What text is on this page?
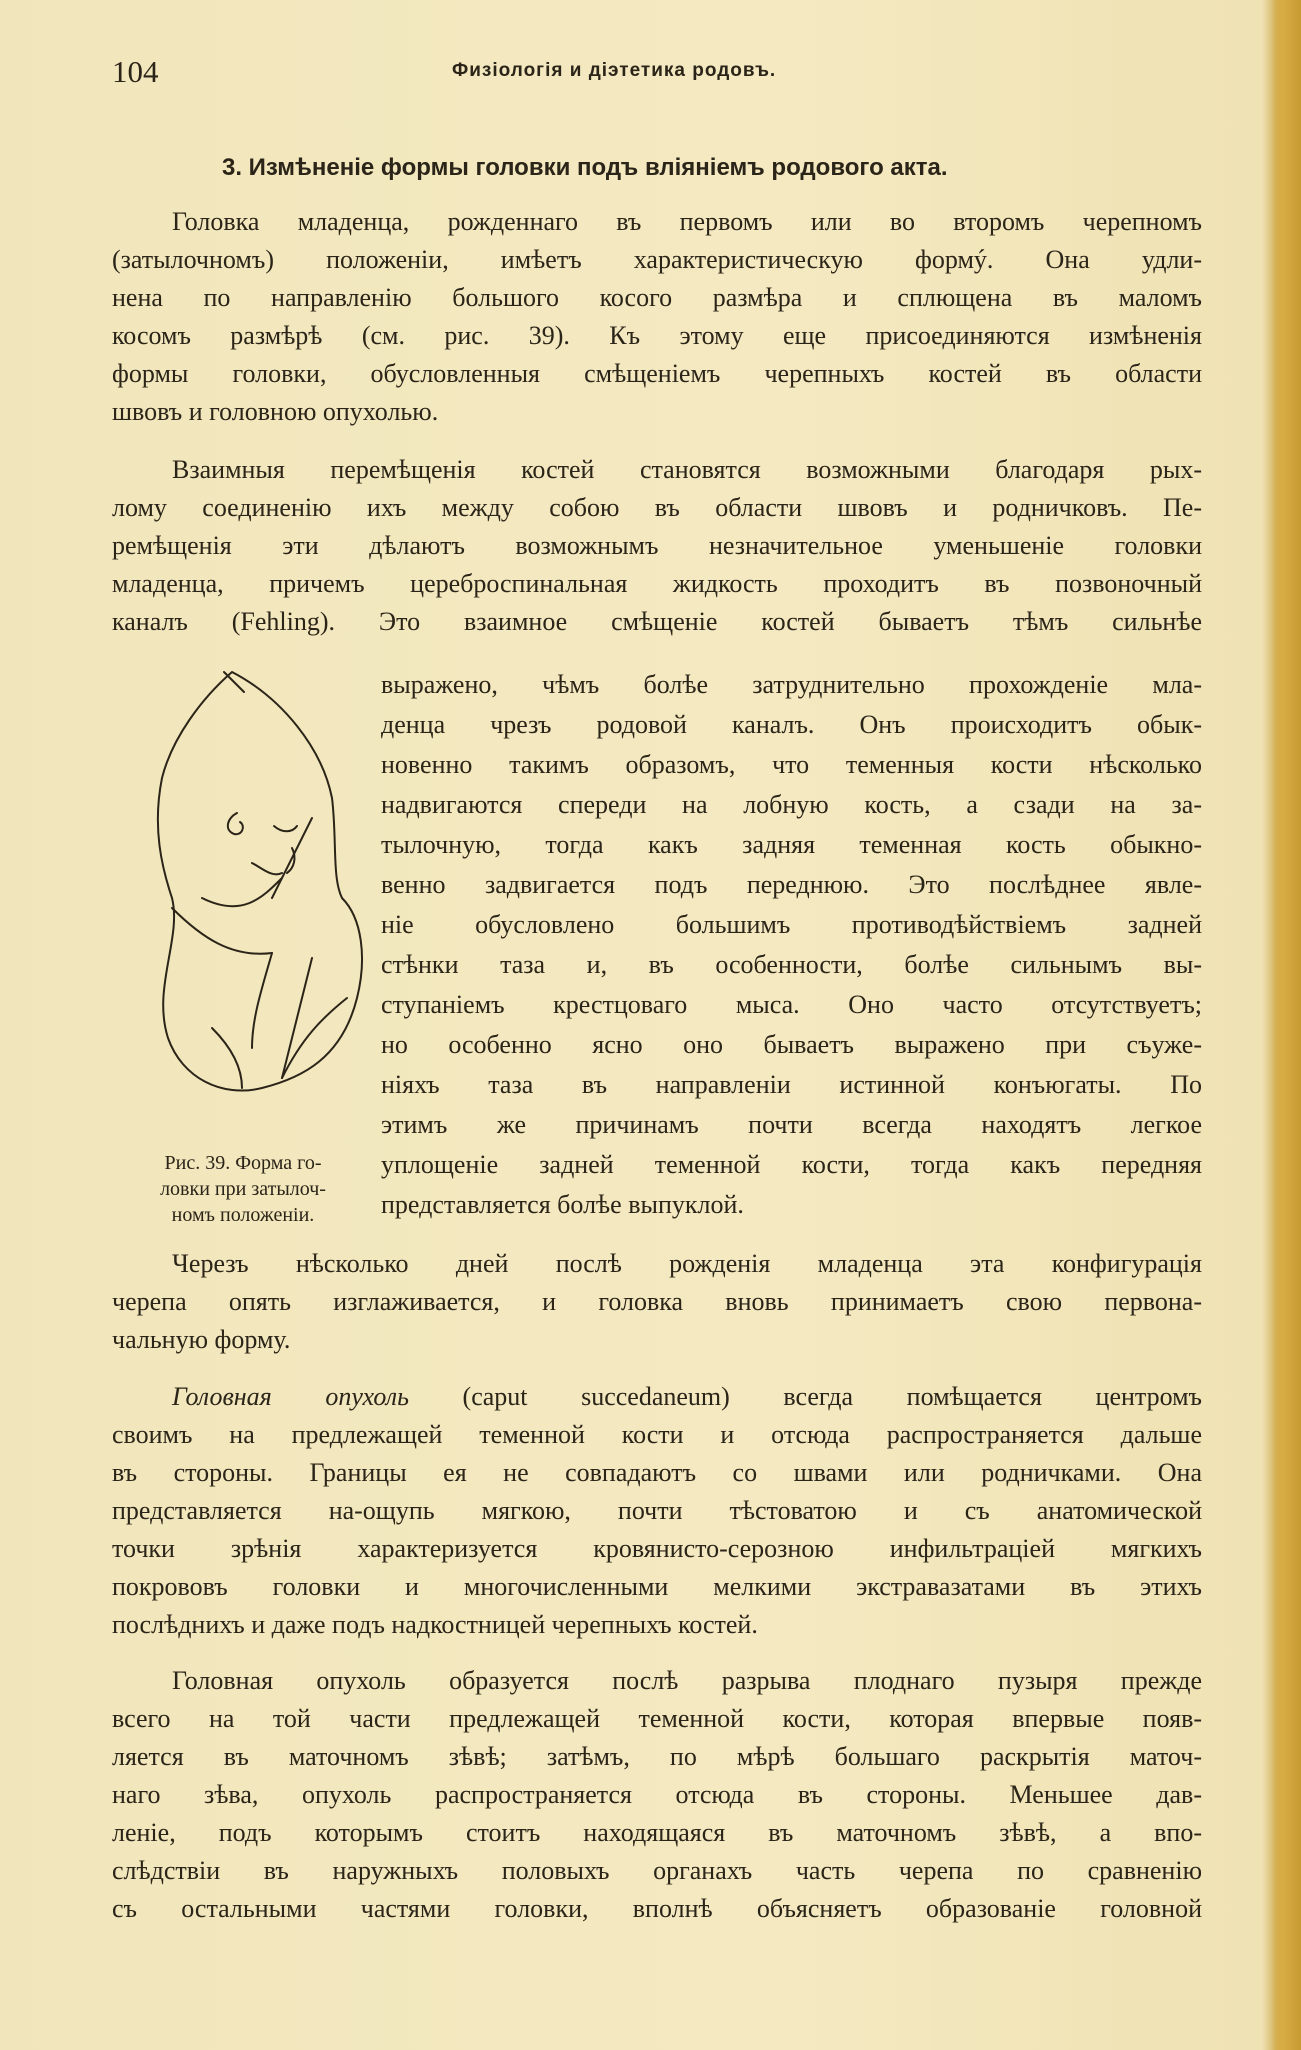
104	Физіологія и діэтетика родовъ.
3. Измѣненіе формы головки подъ вліяніемъ родового акта.
Головка младенца, рожденнаго въ первомъ или во второмъ черепномъ
(затылочномъ) положеніи, имѣетъ характеристическую формý. Она удли-
нена по направленію большого косого размѣра и сплющена въ маломъ
косомъ размѣрѣ (см. рис. 39). Къ этому еще присоединяются измѣненія
формы головки, обусловленныя смѣщеніемъ черепныхъ костей въ области
швовъ и головною опухолью.
Взаимныя перемѣщенія костей становятся возможными благодаря рых-
лому соединенію ихъ между собою въ области швовъ и родничковъ. Пе-
ремѣщенія эти дѣлаютъ возможнымъ незначительное уменьшеніе головки
младенца, причемъ цереброспинальная жидкость проходитъ въ позвоночный
каналъ (Fehling). Это взаимное смѣщеніе костей бываетъ тѣмъ сильнѣе
выражено, чѣмъ болѣе затруднительно прохожденіе мла-
денца чрезъ родовой каналъ. Онъ происходитъ обык-
новенно такимъ образомъ, что теменныя кости нѣсколько
надвигаются спереди на лобную кость, а сзади на за-
тылочную, тогда какъ задняя теменная кость обыкно-
венно задвигается подъ переднюю. Это послѣднее явле-
ніе обусловлено большимъ противодѣйствіемъ задней
стѣнки таза и, въ особенности, болѣе сильнымъ вы-
ступаніемъ крестцоваго мыса. Оно часто отсутствуетъ;
но особенно ясно оно бываетъ выражено при съуже-
ніяхъ таза въ направленіи истинной конъюгаты. По
этимъ же причинамъ почти всегда находятъ легкое
уплощеніе задней теменной кости, тогда какъ передняя
представляется болѣе выпуклой.
Рис. 39. Форма го-
ловки при затылоч-
номъ положеніи.
Черезъ нѣсколько дней послѣ рожденія младенца эта конфигурація
черепа опять изглаживается, и головка вновь принимаетъ свою первона-
чальную форму.
Головная опухоль (caput succedaneum) всегда помѣщается центромъ
своимъ на предлежащей теменной кости и отсюда распространяется дальше
въ стороны. Границы ея не совпадаютъ со швами или родничками. Она
представляется на-ощупь мягкою, почти тѣстоватою и съ анатомической
точки зрѣнія характеризуется кровянисто-серозною инфильтраціей мягкихъ
покрововъ головки и многочисленными мелкими экстравазатами въ этихъ
послѣднихъ и даже подъ надкостницей черепныхъ костей.
Головная опухоль образуется послѣ разрыва плоднаго пузыря прежде
всего на той части предлежащей теменной кости, которая впервые появ-
ляется въ маточномъ зѣвѣ; затѣмъ, по мѣрѣ большаго раскрытія маточ-
наго зѣва, опухоль распространяется отсюда въ стороны. Меньшее дав-
леніе, подъ которымъ стоитъ находящаяся въ маточномъ зѣвѣ, а впо-
слѣдствіи въ наружныхъ половыхъ органахъ часть черепа по сравненію
съ остальными частями головки, вполнѣ объясняетъ образованіе головной
